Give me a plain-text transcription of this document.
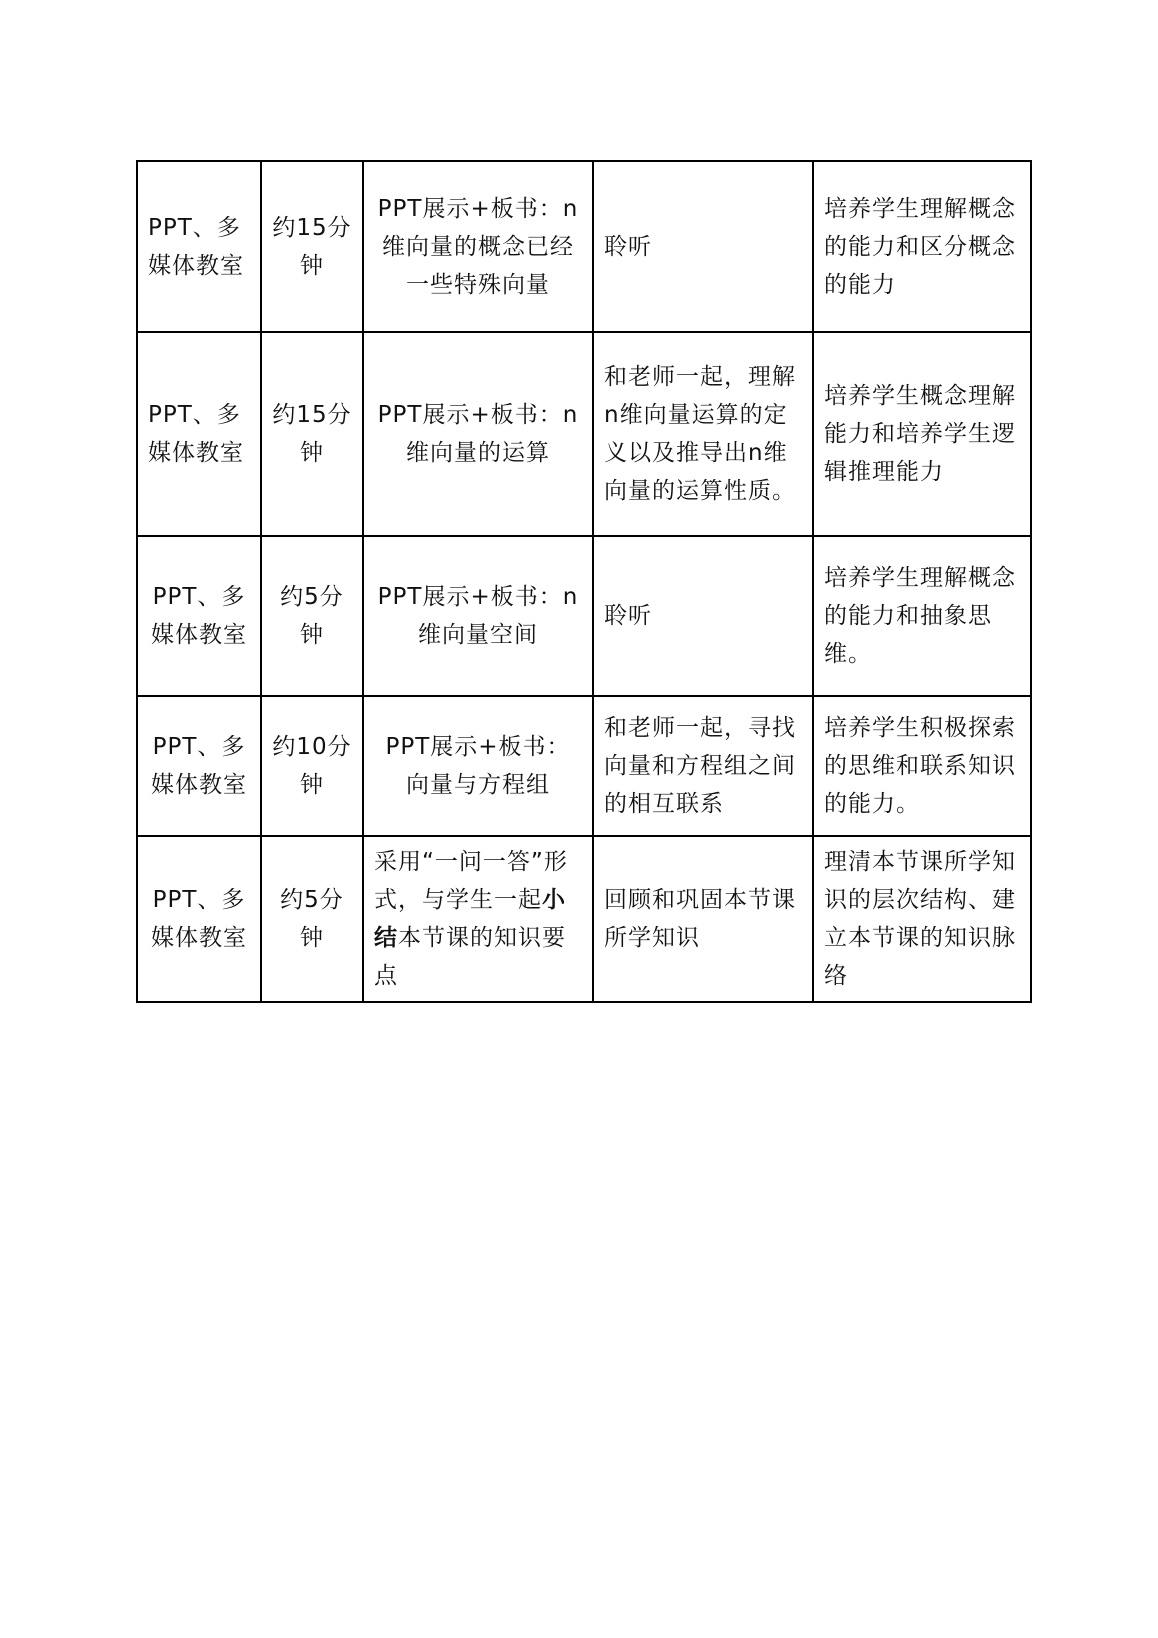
PPT、多媒体教室	约15分钟	PPT展示+板书：n维向量的概念已经一些特殊向量	聆听	培养学生理解概念的能力和区分概念的能力
PPT、多媒体教室	约15分钟	PPT展示+板书：n维向量的运算	和老师一起，理解n维向量运算的定义以及推导出n维向量的运算性质。	培养学生概念理解能力和培养学生逻辑推理能力
PPT、多媒体教室	约5分钟	PPT展示+板书：n维向量空间	聆听	培养学生理解概念的能力和抽象思维。
PPT、多媒体教室	约10分钟	PPT展示+板书：向量与方程组	和老师一起，寻找向量和方程组之间的相互联系	培养学生积极探索的思维和联系知识的能力。
PPT、多媒体教室	约5分钟	采用“一问一答”形式，与学生一起小结本节课的知识要点	回顾和巩固本节课所学知识	理清本节课所学知识的层次结构、建立本节课的知识脉络
